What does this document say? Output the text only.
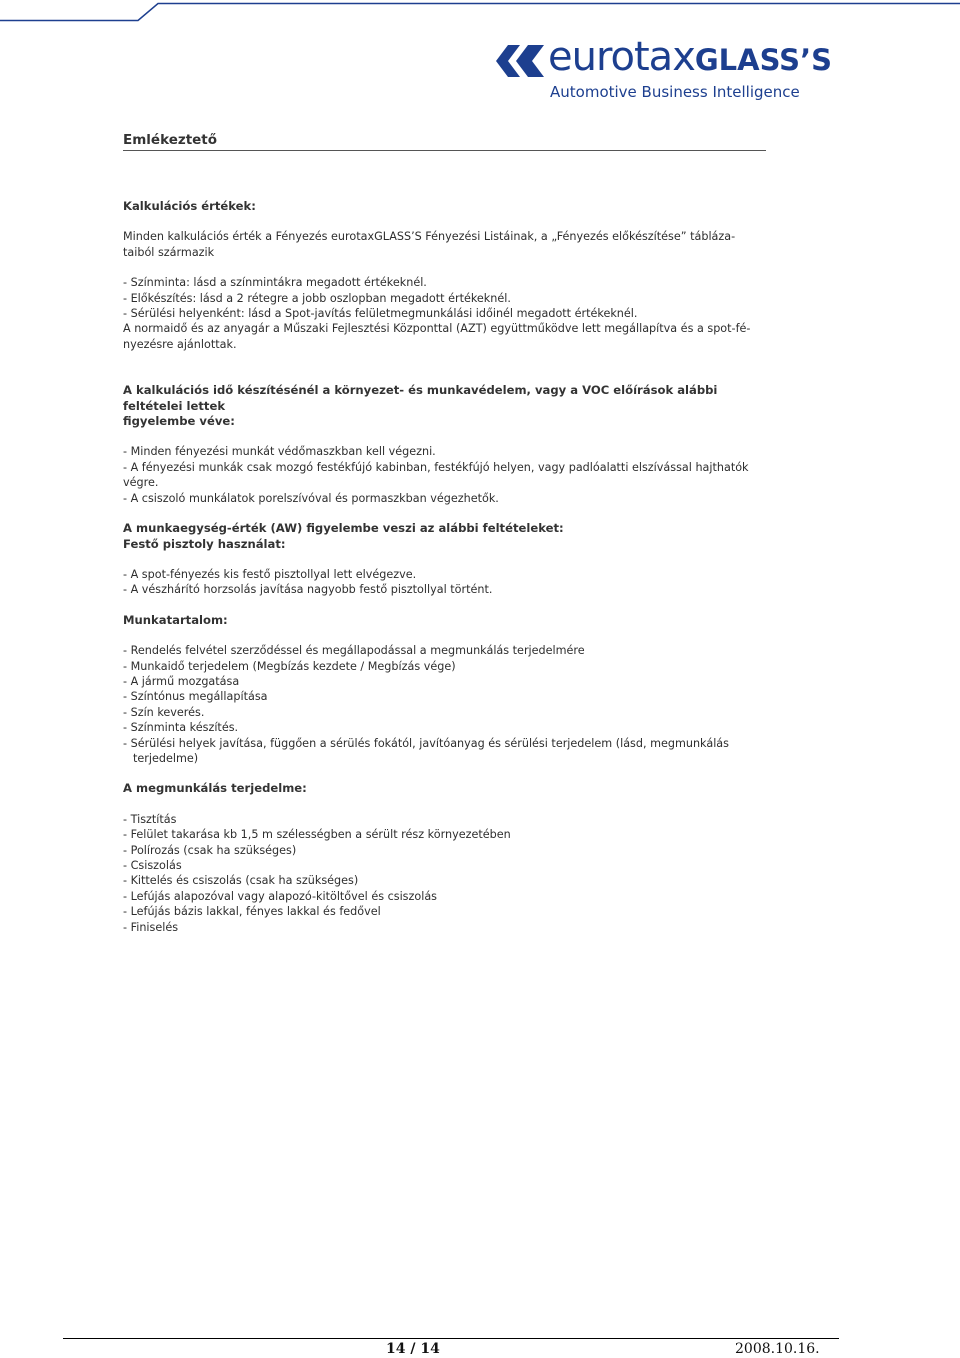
eurotaxGLASS’S
Automotive Business Intelligence
Emlékeztető

Kalkulációs értékek:

Minden kalkulációs érték a Fényezés eurotaxGLASS’S Fényezési Listáinak, a „Fényezés előkészítése” tábláza-

taiból származik

- Színminta: lásd a színmintákra megadott értékeknél.

- Előkészítés: lásd a 2 rétegre a jobb oszlopban megadott értékeknél.

- Sérülési helyenként: lásd a Spot-javítás felületmegmunkálási időinél megadott értékeknél.

A normaidő és az anyagár a Műszaki Fejlesztési Központtal (AZT) együttműködve lett megállapítva és a spot-fé-

nyezésre ajánlottak.

A kalkulációs idő készítésénél a környezet- és munkavédelem, vagy a VOC előírások alábbi feltételei lettek

figyelembe véve:

- Minden fényezési munkát védőmaszkban kell végezni.

- A fényezési munkák csak mozgó festékfújó kabinban, festékfújó helyen, vagy padlóalatti elszívással hajthatók végre.

- A csiszoló munkálatok porelszívóval és pormaszkban végezhetők.

A munkaegység-érték (AW) figyelembe veszi az alábbi feltételeket:

Festő pisztoly használat:

- A spot-fényezés kis festő pisztollyal lett elvégezve.

- A vészhárító horzsolás javítása nagyobb festő pisztollyal történt.

Munkatartalom:

- Rendelés felvétel szerződéssel és megállapodással a megmunkálás terjedelmére

- Munkaidő terjedelem (Megbízás kezdete / Megbízás vége)

- A jármű mozgatása

- Színtónus megállapítása

- Szín keverés.

- Színminta készítés.

- Sérülési helyek javítása, függően a sérülés fokától, javítóanyag és sérülési terjedelem (lásd, megmunkálás

terjedelme)

A megmunkálás terjedelme:

- Tisztítás

- Felület takarása kb 1,5 m szélességben a sérült rész környezetében

- Polírozás (csak ha szükséges)

- Csiszolás

- Kittelés és csiszolás (csak ha szükséges)

- Lefújás alapozóval vagy alapozó-kitöltővel és csiszolás

- Lefújás bázis lakkal, fényes lakkal és fedővel

- Finiselés

14 / 14	2008.10.16.
